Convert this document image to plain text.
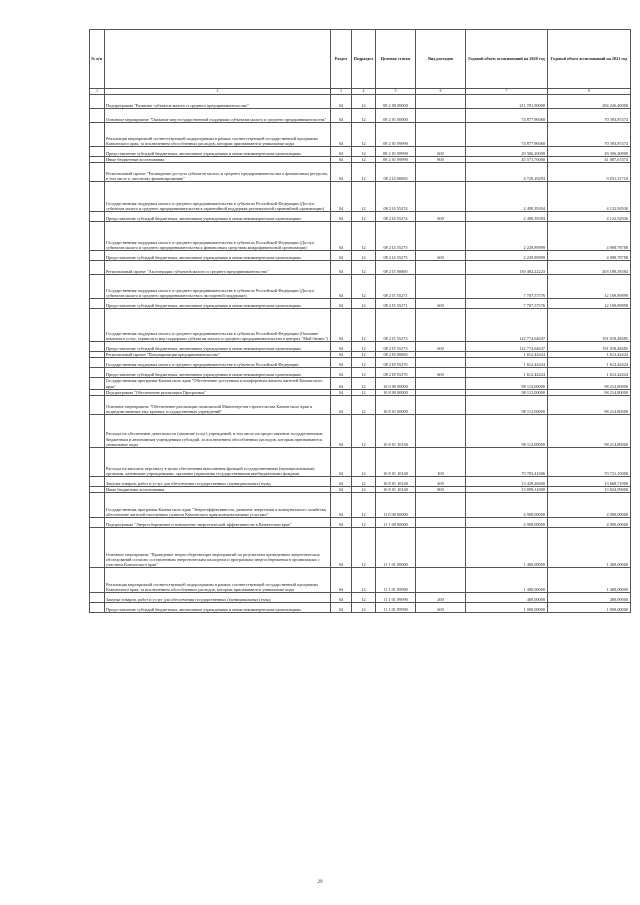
№ п/п		Раздел	Подраздел	Целевая статья	Вид расходов	Годовой объем ассигнований на 2020 год	Годовой объем ассигнований на 2021 год
1	2	3	4	5	6	7	8
	Подпрограмма "Развитие субъектов малого и среднего предпринимательства"	04	12	08 2 00 00000		211 701,90000	284 226,40000
	Основное мероприятие "Оказание мер государственной поддержки субъектам малого и среднего предпринимательства"	04	12	08 2 01 00000		74 877,96060	70 393,87474
	Реализация мероприятий соответствующей подпрограммы в рамках соответствующей государственной программы Камчатского края, за исключением обособленных расходов, которым присваиваются уникальные коды	04	12	08 2 01 09990		74 877,96060	70 393,87474
	Предоставление субсидий бюджетным, автономным учреждениям и иным некоммерческим организациям	04	12	08 2 01 09990	600	29 306,20000	29 306,20000
	Иные бюджетные ассигнования	04	12	08 2 01 09990	800	45 571,76060	41 087,67474
	Региональный проект "Расширение доступа субъектов малого и среднего предпринимательства к финансовым ресурсам, в том числе к льготному финансированию"	04	12	08 2 I4 00000		4 729,29293	9 031,31718
	Государственная поддержка малого и среднего предпринимательства в субъектах Российской Федерации (Доступ субъектов малого и среднего предпринимательства в гарантийной поддержке региональной гарантийной организации)	04	12	08 2 I4 55274		2 499,39394	4 122,92930
	Предоставление субсидий бюджетным, автономным учреждениям и иным некоммерческим организациям	04	12	08 2 I4 55274	600	2 499,39394	4 122,92930
	Государственная поддержка малого и среднего предпринимательства в субъектах Российской Федерации (Доступ субъектов малого и среднего предпринимательства к финансовым средствам микрофинансовой организации)	04	12	08 2 I4 55275		2 229,89899	4 908,78788
	Предоставление субсидий бюджетным, автономным учреждениям и иным некоммерческим организациям	04	12	08 2 I4 55275	600	2 229,89899	4 908,78788
	Региональный проект "Акселерация субъектов малого и среднего предпринимательства"	04	12	08 2 I5 00000		130 482,22223	203 188,38384
	Государственная поддержка малого и среднего предпринимательства в субъектах Российской Федерации (Доступ субъектов малого и среднего предпринимательства к экспортной поддержке)	04	12	08 2 I5 55271		7 707,57576	12 169,89899
	Предоставление субсидий бюджетным, автономным учреждениям и иным некоммерческим организациям	04	12	08 2 I5 55271	600	7 707,57576	12 169,89899
	Государственная поддержка малого и среднего предпринимательства в субъектах Российской Федерации (Оказание комплекса услуг, сервисов и мер поддержки субъектам малого и среднего предпринимательства в центрах "Мой бизнес")	04	12	08 2 I5 55273		122 774,64647	191 018,48485
	Предоставление субсидий бюджетным, автономным учреждениям и иным некоммерческим организациям	04	12	08 2 I5 55273	600	122 774,64647	191 018,48485
	Региональный проект "Популяризация предпринимательства"	04	12	08 2 I8 00000		1 612,42424	1 612,42424
	Государственная поддержка малого и среднего предпринимательства в субъектах Российской Федерации	04	12	08 2 I8 55270		1 612,42424	1 612,42424
	Предоставление субсидий бюджетным, автономным учреждениям и иным некоммерческим организациям	04	12	08 2 I8 55270	600	1 612,42424	1 612,42424
	Государственная программа Камчатского края "Обеспечение доступным и комфортным жильем жителей Камчатского края"	04	12	10 0 00 00000		98 112,00000	98 214,80000
	Подпрограмма "Обеспечение реализации Программы"	04	12	10 8 00 00000		98 112,00000	98 214,80000
	Основное мероприятие "Обеспечение реализации полномочий Министерства строительства Камчатского края и подведомственных ему краевых государственных учреждений"	04	12	10 8 01 00000		98 112,00000	98 214,80000
	Расходы на обеспечение деятельности (оказание услуг) учреждений, в том числе на предоставление государственным бюджетным и автономным учреждениям субсидий, за исключением обособленных расходов, которым присваиваются уникальные коды	04	12	10 8 01 10140		98 112,00000	98 214,80000
	Расходы на выплаты персоналу в целях обеспечения выполнения функций государственными (муниципальными) органами, казенными учреждениями, органами управления государственными внебюджетными фондами	04	12	10 8 01 10140	100	70 783,41606	70 721,10000
	Закупка товаров, работ и услуг для обеспечения государственных (муниципальных) нужд	04	12	10 8 01 10140	200	13 429,26600	13 668,71000
	Иные бюджетные ассигнования	04	12	10 8 01 10140	800	13 899,31800	13 824,99000
	Государственная программа Камчатского края "Энергоэффективность, развитие энергетики и коммунального хозяйства, обеспечение жителей населенных пунктов Камчатского края коммунальными услугами"	04	12	11 0 00 00000		4 900,00000	4 900,00000
	Подпрограмма "Энергосбережение и повышение энергетической эффективности в Камчатском крае"	04	12	11 1 00 00000		4 900,00000	4 900,00000
	Основное мероприятие "Проведение энергосберегающих мероприятий по результатам проведенных энергетических обследований согласно составленным энергетическим паспортам и программам энергосбережения в организациях с участием Камчатского края"	04	12	11 1 01 00000		1 400,00000	1 400,00000
	Реализация мероприятий соответствующей подпрограммы в рамках соответствующей государственной программы Камчатского края, за исключением обособленных расходов, которым присваиваются уникальные коды	04	12	11 1 01 09990		1 400,00000	1 400,00000
	Закупка товаров, работ и услуг для обеспечения государственных (муниципальных) нужд	04	12	11 1 01 09990	200	400,00000	400,00000
	Предоставление субсидий бюджетным, автономным учреждениям и иным некоммерческим организациям	04	12	11 1 01 09990	600	1 000,00000	1 000,00000
29
